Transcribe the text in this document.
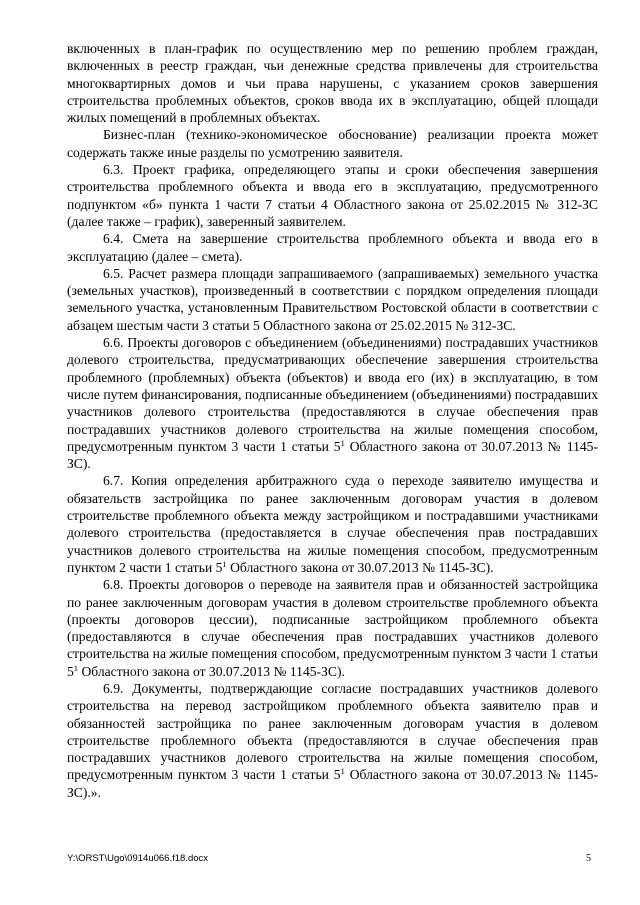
включенных в план-график по осуществлению мер по решению проблем граждан, включенных в реестр граждан, чьи денежные средства привлечены для строительства многоквартирных домов и чьи права нарушены, с указанием сроков завершения строительства проблемных объектов, сроков ввода их в эксплуатацию, общей площади жилых помещений в проблемных объектах.

Бизнес-план (технико-экономическое обоснование) реализации проекта может содержать также иные разделы по усмотрению заявителя.

6.3. Проект графика, определяющего этапы и сроки обеспечения завершения строительства проблемного объекта и ввода его в эксплуатацию, предусмотренного подпунктом «б» пункта 1 части 7 статьи 4 Областного закона от 25.02.2015 № 312-ЗС (далее также – график), заверенный заявителем.

6.4. Смета на завершение строительства проблемного объекта и ввода его в эксплуатацию (далее – смета).

6.5. Расчет размера площади запрашиваемого (запрашиваемых) земельного участка (земельных участков), произведенный в соответствии с порядком определения площади земельного участка, установленным Правительством Ростовской области в соответствии с абзацем шестым части 3 статьи 5 Областного закона от 25.02.2015 № 312-ЗС.

6.6. Проекты договоров с объединением (объединениями) пострадавших участников долевого строительства, предусматривающих обеспечение завершения строительства проблемного (проблемных) объекта (объектов) и ввода его (их) в эксплуатацию, в том числе путем финансирования, подписанные объединением (объединениями) пострадавших участников долевого строительства (предоставляются в случае обеспечения прав пострадавших участников долевого строительства на жилые помещения способом, предусмотренным пунктом 3 части 1 статьи $5^1$ Областного закона от 30.07.2013 № 1145-ЗС).

6.7. Копия определения арбитражного суда о переходе заявителю имущества и обязательств застройщика по ранее заключенным договорам участия в долевом строительстве проблемного объекта между застройщиком и пострадавшими участниками долевого строительства (предоставляется в случае обеспечения прав пострадавших участников долевого строительства на жилые помещения способом, предусмотренным пунктом 2 части 1 статьи $5^1$ Областного закона от 30.07.2013 № 1145-ЗС).

6.8. Проекты договоров о переводе на заявителя прав и обязанностей застройщика по ранее заключенным договорам участия в долевом строительстве проблемного объекта (проекты договоров цессии), подписанные застройщиком проблемного объекта (предоставляются в случае обеспечения прав пострадавших участников долевого строительства на жилые помещения способом, предусмотренным пунктом 3 части 1 статьи $5^1$ Областного закона от 30.07.2013 № 1145-ЗС).

6.9. Документы, подтверждающие согласие пострадавших участников долевого строительства на перевод застройщиком проблемного объекта заявителю прав и обязанностей застройщика по ранее заключенным договорам участия в долевом строительстве проблемного объекта (предоставляются в случае обеспечения прав пострадавших участников долевого строительства на жилые помещения способом, предусмотренным пунктом 3 части 1 статьи $5^1$ Областного закона от 30.07.2013 № 1145-ЗС).».

Y:\ORST\Ugo\0914u066.f18.docx	5
